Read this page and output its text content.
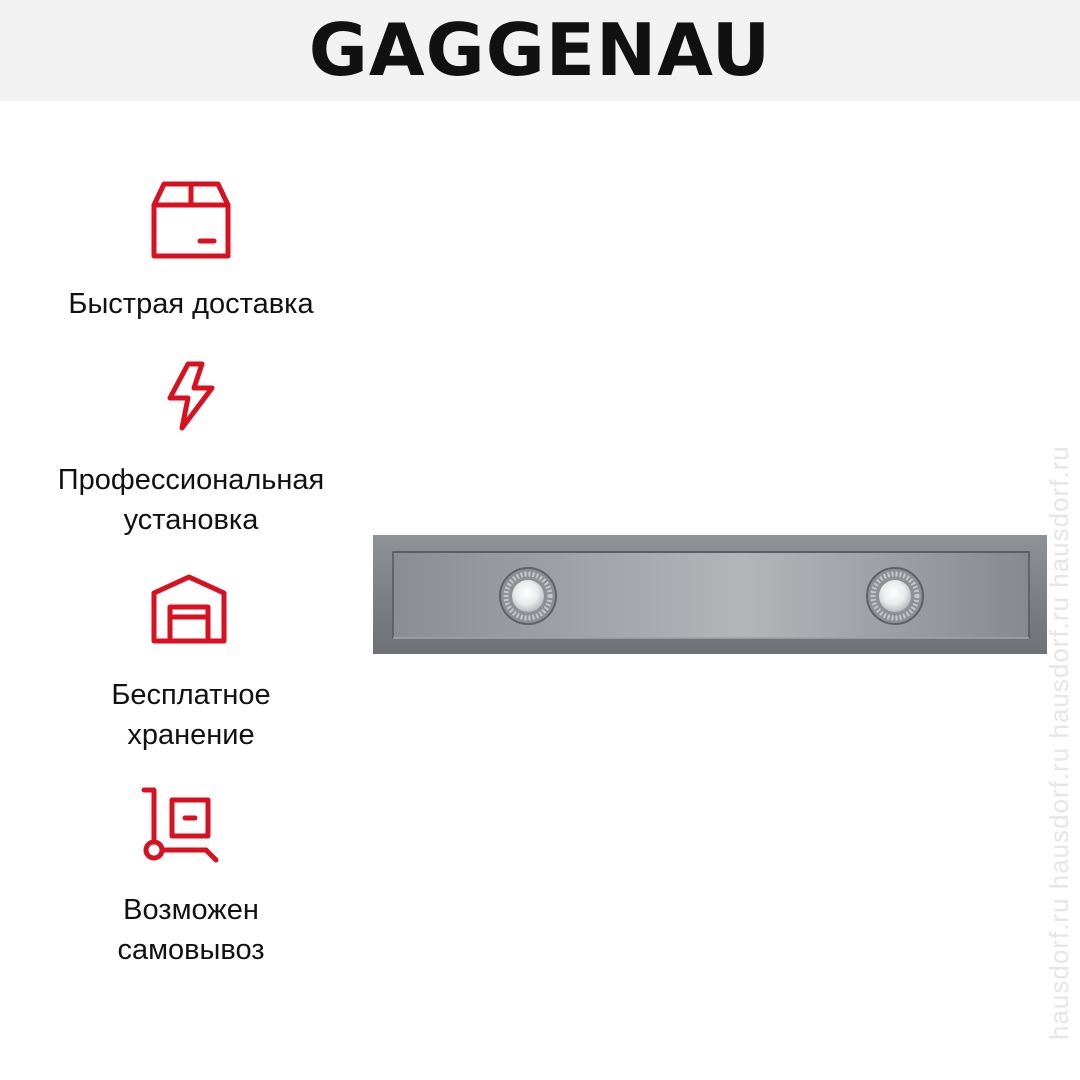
GAGGENAU
Быстрая доставка
Профессиональная
установка
Бесплатное
хранение
Возможен
самовывоз	hausdorf.ru hausdorf.ru hausdorf.ru hausdorf.ru
